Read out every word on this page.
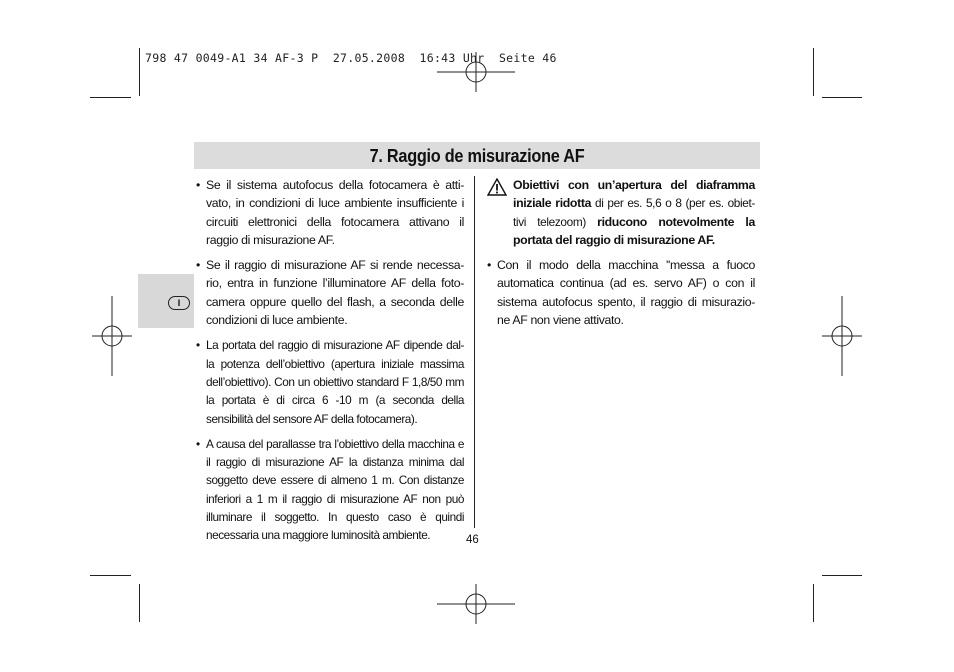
798 47 0049-A1 34 AF-3 P  27.05.2008  16:43 Uhr  Seite 46
7. Raggio de misurazione AF
I
• Se il sistema autofocus della fotocamera è atti-vato, in condizioni di luce ambiente insufficiente i circuiti elettronici della fotocamera attivano il raggio di misurazione AF.
• Se il raggio di misurazione AF si rende necessa-rio, entra in funzione l’illuminatore AF della foto-camera oppure quello del flash, a seconda delle condizioni di luce ambiente.
• La portata del raggio di misurazione AF dipende dal-la potenza dell’obiettivo (apertura iniziale massima dell’obiettivo). Con un obiettivo standard F 1,8/50 mm la portata è di circa 6 -10 m (a seconda della sensibilità del sensore AF della fotocamera).
• A causa del parallasse tra l’obiettivo della macchina e il raggio di misurazione AF la distanza minima dal soggetto deve essere di almeno 1 m. Con distanze inferiori a 1 m il raggio di misurazione AF non può illuminare il soggetto. In questo caso è quindi necessaria una maggiore luminosità ambiente.
Obiettivi con un’apertura del diaframma iniziale ridotta di per es. 5,6 o 8 (per es. obiet-tivi telezoom) riducono notevolmente la portata del raggio di misurazione AF.
• Con il modo della macchina ''messa a fuoco automatica continua (ad es. servo AF) o con il sistema autofocus spento, il raggio di misurazio-ne AF non viene attivato.
46
